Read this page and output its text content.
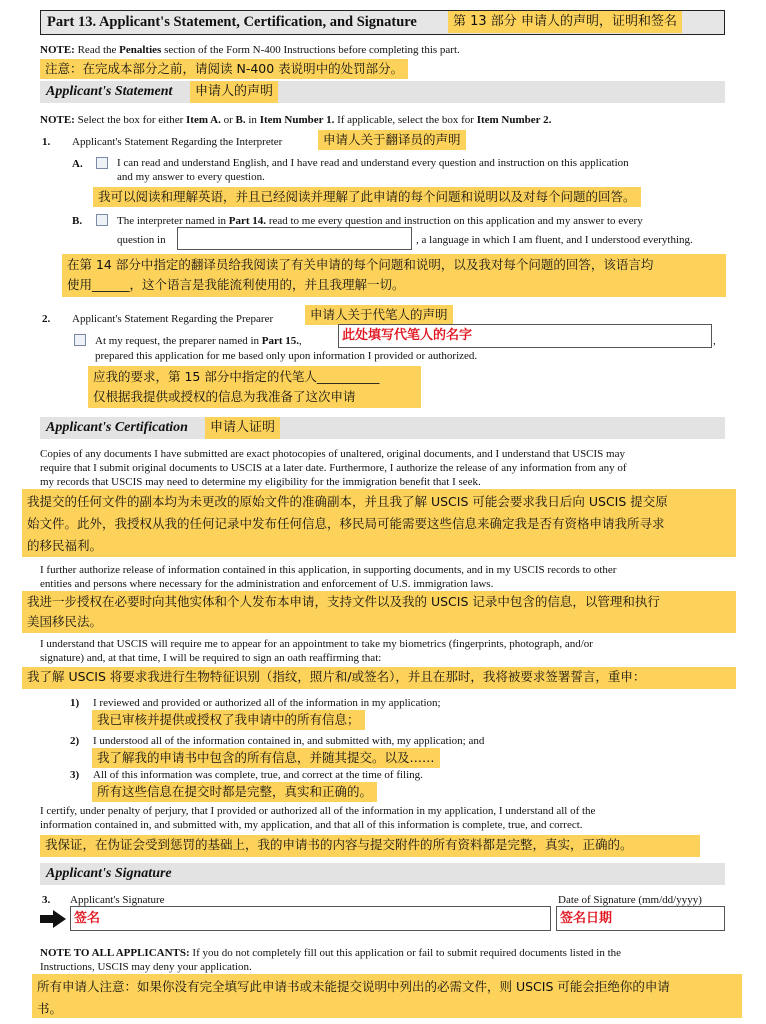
Part 13. Applicant's Statement, Certification, and Signature	第 13 部分 申请人的声明，证明和签名
NOTE: Read the Penalties section of the Form N-400 Instructions before completing this part.
注意：在完成本部分之前，请阅读 N-400 表说明中的处罚部分。
Applicant's Statement	申请人的声明
NOTE: Select the box for either Item A. or B. in Item Number 1. If applicable, select the box for Item Number 2.
1. Applicant's Statement Regarding the Interpreter	申请人关于翻译员的声明
A.	I can read and understand English, and I have read and understand every question and instruction on this application
and my answer to every question.
我可以阅读和理解英语，并且已经阅读并理解了此申请的每个问题和说明以及对每个问题的回答。
B.	The interpreter named in Part 14. read to me every question and instruction on this application and my answer to every
question in	, a language in which I am fluent, and I understood everything.
在第 14 部分中指定的翻译员给我阅读了有关申请的每个问题和说明，以及我对每个问题的回答，该语言均
使用______，这个语言是我能流利使用的，并且我理解一切。
2. Applicant's Statement Regarding the Preparer	申请人关于代笔人的声明
At my request, the preparer named in Part 15.,	此处填写代笔人的名字	,
prepared this application for me based only upon information I provided or authorized.
应我的要求，第 15 部分中指定的代笔人__________
仅根据我提供或授权的信息为我准备了这次申请
Applicant's Certification	申请人证明
Copies of any documents I have submitted are exact photocopies of unaltered, original documents, and I understand that USCIS may
require that I submit original documents to USCIS at a later date. Furthermore, I authorize the release of any information from any of
my records that USCIS may need to determine my eligibility for the immigration benefit that I seek.
我提交的任何文件的副本均为未更改的原始文件的准确副本，并且我了解 USCIS 可能会要求我日后向 USCIS 提交原
始文件。此外，我授权从我的任何记录中发布任何信息，移民局可能需要这些信息来确定我是否有资格申请我所寻求
的移民福利。
I further authorize release of information contained in this application, in supporting documents, and in my USCIS records to other
entities and persons where necessary for the administration and enforcement of U.S. immigration laws.
我进一步授权在必要时向其他实体和个人发布本申请，支持文件以及我的 USCIS 记录中包含的信息，以管理和执行
美国移民法。
I understand that USCIS will require me to appear for an appointment to take my biometrics (fingerprints, photograph, and/or
signature) and, at that time, I will be required to sign an oath reaffirming that:
我了解 USCIS 将要求我进行生物特征识别（指纹，照片和/或签名），并且在那时，我将被要求签署誓言，重申：
1) I reviewed and provided or authorized all of the information in my application;
我已审核并提供或授权了我申请中的所有信息；
2) I understood all of the information contained in, and submitted with, my application; and
我了解我的申请书中包含的所有信息，并随其提交。以及……
3) All of this information was complete, true, and correct at the time of filing.
所有这些信息在提交时都是完整，真实和正确的。
I certify, under penalty of perjury, that I provided or authorized all of the information in my application, I understand all of the
information contained in, and submitted with, my application, and that all of this information is complete, true, and correct.
我保证，在伪证会受到惩罚的基础上，我的申请书的内容与提交附件的所有资料都是完整，真实，正确的。
Applicant's Signature
3. Applicant's Signature	Date of Signature (mm/dd/yyyy)
签名	签名日期
NOTE TO ALL APPLICANTS: If you do not completely fill out this application or fail to submit required documents listed in the
Instructions, USCIS may deny your application.
所有申请人注意：如果你没有完全填写此申请书或未能提交说明中列出的必需文件，则 USCIS 可能会拒绝你的申请
书。
